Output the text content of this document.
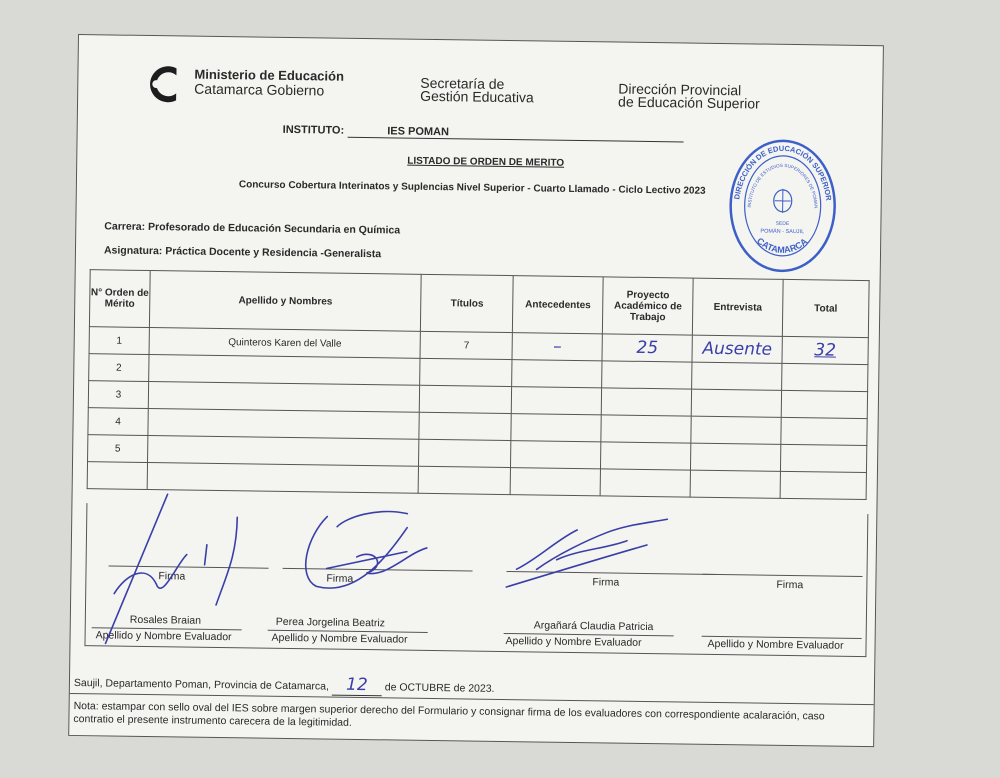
Ministerio de Educación
Catamarca Gobierno	Secretaría de
Gestión Educativa	Dirección Provincial
de Educación Superior
INSTITUTO:	IES POMAN
LISTADO DE ORDEN DE MERITO
Concurso Cobertura Interinatos y Suplencias Nivel Superior - Cuarto Llamado - Ciclo Lectivo 2023
Carrera: Profesorado de Educación Secundaria en Química
Asignatura: Práctica Docente y Residencia -Generalista
DIRECCIÓN DE EDUCACIÓN SUPERIOR
INSTITUTO DE ESTUDIOS SUPERIORES DE POMAN
SEDE
POMÁN - SAUJIL
CATAMARCA
N° Orden de Mérito	Apellido y Nombres	Títulos	Antecedentes	Proyecto Académico de Trabajo	Entrevista	Total
1	Quinteros Karen del Valle	7	–	25	Ausente	32
2						
3						
4						
5						

Firma	Firma	Firma	Firma
Rosales Braian	Perea Jorgelina Beatriz	Argañará Claudia Patricia
Apellido y Nombre Evaluador	Apellido y Nombre Evaluador	Apellido y Nombre Evaluador	Apellido y Nombre Evaluador
Saujil, Departamento Poman, Provincia de Catamarca, 12 de OCTUBRE de 2023.
Nota: estampar con sello oval del IES sobre margen superior derecho del Formulario y consignar firma de los evaluadores con correspondiente acalaración, caso contratio el presente instrumento carecera de la legitimidad.
